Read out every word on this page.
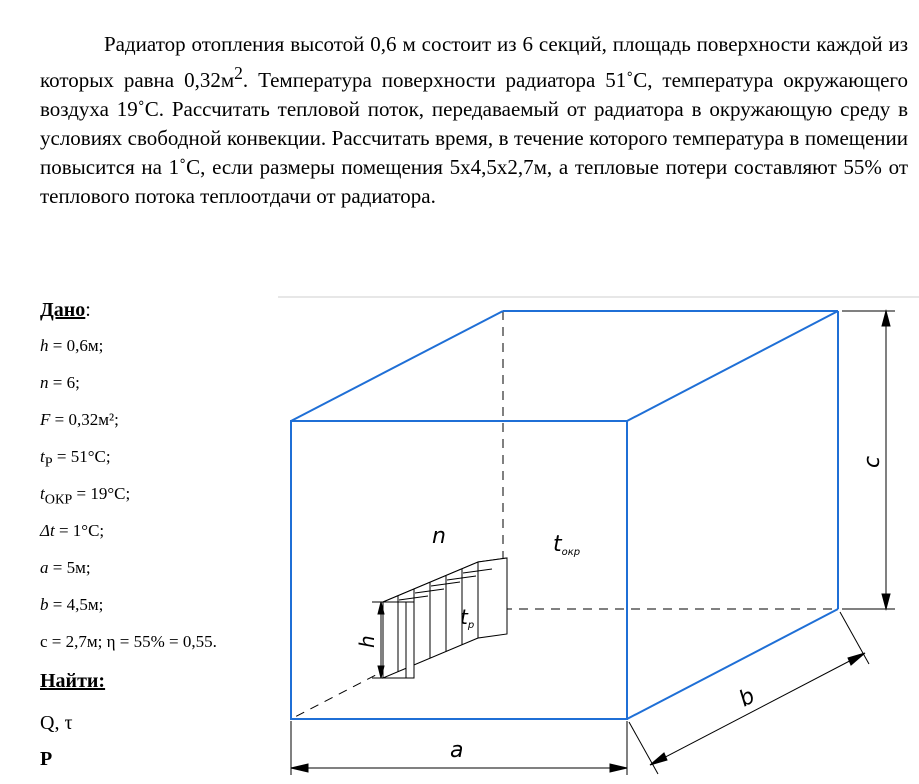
Радиатор отопления высотой 0,6 м состоит из 6 секций, площадь поверхности каждой из которых равна $0,32м^2$. Температура поверхности радиатора 51˚С, температура окружающего воздуха 19˚С. Рассчитать тепловой поток, передаваемый от радиатора в окружающую среду в условиях свободной конвекции. Рассчитать время, в течение которого температура в помещении повысится на 1˚С, если размеры помещения 5х4,5х2,7м, а тепловые потери составляют 55% от теплового потока теплоотдачи от радиатора.
Дано:
h = 0,6м;
n = 6;
F = 0,32м²;
$t_Р = 51^\circ C$;
$t_{ОКР} = 19^\circ C$;
Δt = 1°C;
a = 5м;
b = 4,5м;
c = 2,7м; η = 55% = 0,55.
Найти:
Q, τ
Р
c
n	tокр
h
$t_р$
b
a
